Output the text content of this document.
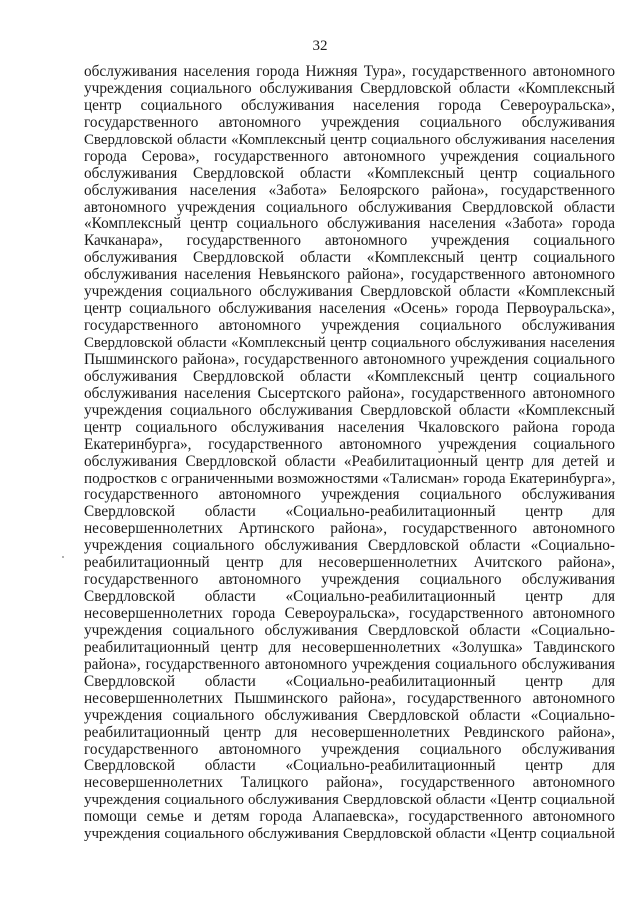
32
обслуживания населения города Нижняя Тура», государственного автономного
учреждения социального обслуживания Свердловской области «Комплексный
центр социального обслуживания населения города Североуральска»,
государственного автономного учреждения социального обслуживания
Свердловской области «Комплексный центр социального обслуживания населения
города Серова», государственного автономного учреждения социального
обслуживания Свердловской области «Комплексный центр социального
обслуживания населения «Забота» Белоярского района», государственного
автономного учреждения социального обслуживания Свердловской области
«Комплексный центр социального обслуживания населения «Забота» города
Качканара», государственного автономного учреждения социального
обслуживания Свердловской области «Комплексный центр социального
обслуживания населения Невьянского района», государственного автономного
учреждения социального обслуживания Свердловской области «Комплексный
центр социального обслуживания населения «Осень» города Первоуральска»,
государственного автономного учреждения социального обслуживания
Свердловской области «Комплексный центр социального обслуживания населения
Пышминского района», государственного автономного учреждения социального
обслуживания Свердловской области «Комплексный центр социального
обслуживания населения Сысертского района», государственного автономного
учреждения социального обслуживания Свердловской области «Комплексный
центр социального обслуживания населения Чкаловского района города
Екатеринбурга», государственного автономного учреждения социального
обслуживания Свердловской области «Реабилитационный центр для детей и
подростков с ограниченными возможностями «Талисман» города Екатеринбурга»,
государственного автономного учреждения социального обслуживания
Свердловской области «Социально-реабилитационный центр для
несовершеннолетних Артинского района», государственного автономного
учреждения социального обслуживания Свердловской области «Социально-
реабилитационный центр для несовершеннолетних Ачитского района»,
государственного автономного учреждения социального обслуживания
Свердловской области «Социально-реабилитационный центр для
несовершеннолетних города Североуральска», государственного автономного
учреждения социального обслуживания Свердловской области «Социально-
реабилитационный центр для несовершеннолетних «Золушка» Тавдинского
района», государственного автономного учреждения социального обслуживания
Свердловской области «Социально-реабилитационный центр для
несовершеннолетних Пышминского района», государственного автономного
учреждения социального обслуживания Свердловской области «Социально-
реабилитационный центр для несовершеннолетних Ревдинского района»,
государственного автономного учреждения социального обслуживания
Свердловской области «Социально-реабилитационный центр для
несовершеннолетних Талицкого района», государственного автономного
учреждения социального обслуживания Свердловской области «Центр социальной
помощи семье и детям города Алапаевска», государственного автономного
учреждения социального обслуживания Свердловской области «Центр социальной
